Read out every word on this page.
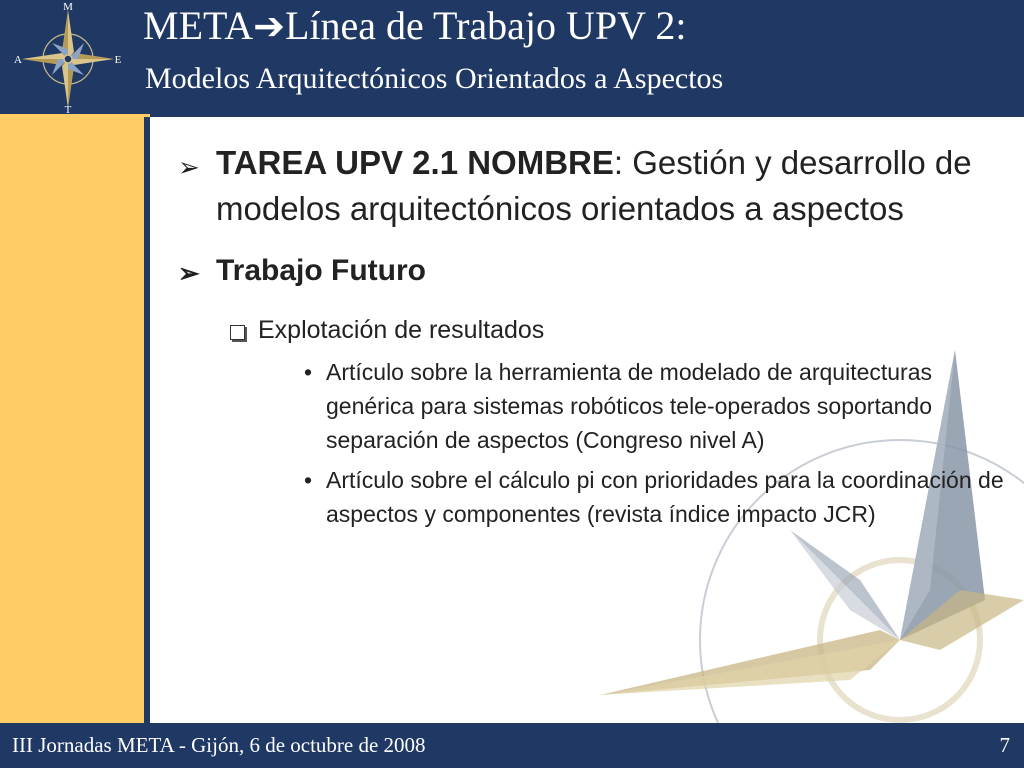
M
A	E
T
META➔Línea de Trabajo UPV 2:
Modelos Arquitectónicos Orientados a Aspectos
➢ TAREA UPV 2.1 NOMBRE: Gestión y desarrollo de modelos arquitectónicos orientados a aspectos
➢ Trabajo Futuro
Explotación de resultados
• Artículo sobre la herramienta de modelado de arquitecturas genérica para sistemas robóticos tele-operados soportando separación de aspectos (Congreso nivel A)
• Artículo sobre el cálculo pi con prioridades para la coordinación de aspectos y componentes (revista índice impacto JCR)
III Jornadas META - Gijón, 6 de octubre de 2008	7
